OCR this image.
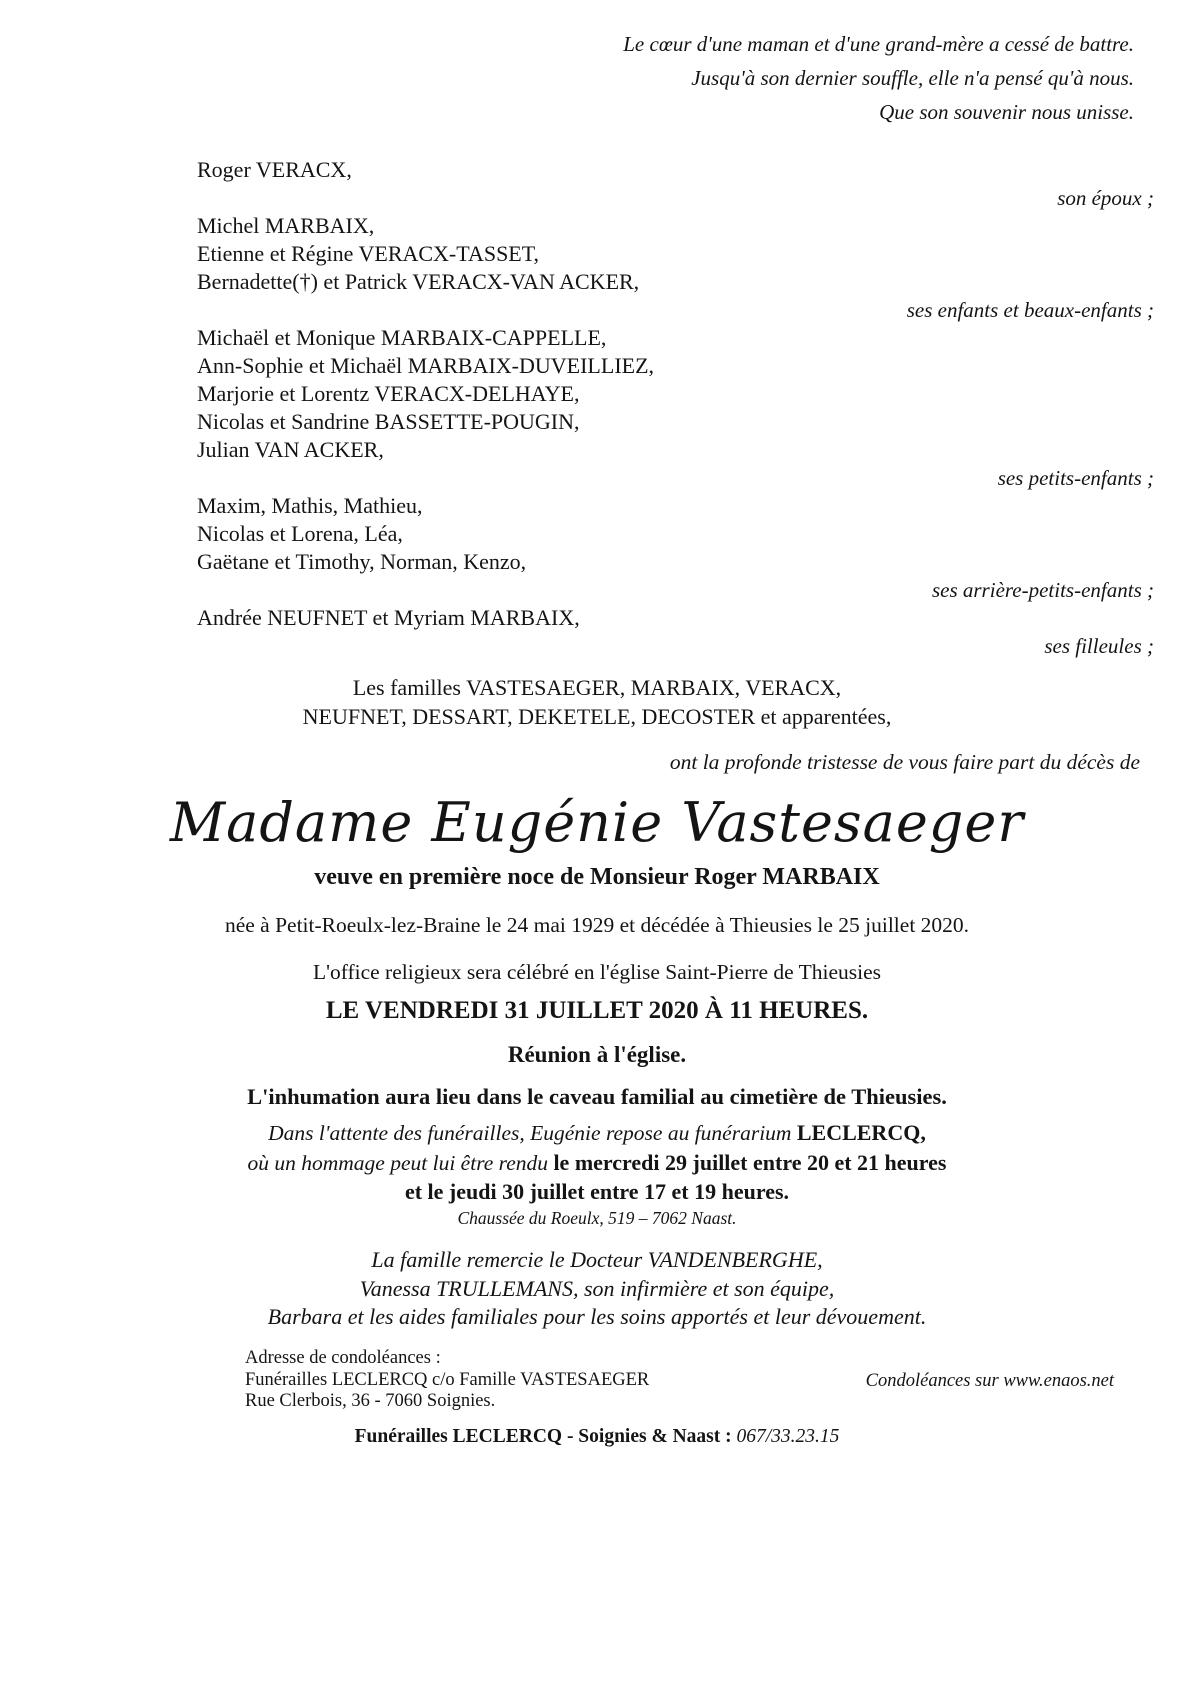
Le cœur d'une maman et d'une grand-mère a cessé de battre.
Jusqu'à son dernier souffle, elle n'a pensé qu'à nous.
Que son souvenir nous unisse.
Roger VERACX,
son époux ;
Michel MARBAIX,
Etienne et Régine VERACX-TASSET,
Bernadette(†) et Patrick VERACX-VAN ACKER,
ses enfants et beaux-enfants ;
Michaël et Monique MARBAIX-CAPPELLE,
Ann-Sophie et Michaël MARBAIX-DUVEILLIEZ,
Marjorie et Lorentz VERACX-DELHAYE,
Nicolas et Sandrine BASSETTE-POUGIN,
Julian VAN ACKER,
ses petits-enfants ;
Maxim, Mathis, Mathieu,
Nicolas et Lorena, Léa,
Gaëtane et Timothy, Norman, Kenzo,
ses arrière-petits-enfants ;
Andrée NEUFNET et Myriam MARBAIX,
ses filleules ;
Les familles VASTESAEGER, MARBAIX, VERACX,
NEUFNET, DESSART, DEKETELE, DECOSTER et apparentées,
ont la profonde tristesse de vous faire part du décès de
Madame Eugénie Vastesaeger
veuve en première noce de Monsieur Roger MARBAIX
née à Petit-Roeulx-lez-Braine le 24 mai 1929 et décédée à Thieusies le 25 juillet 2020.
L'office religieux sera célébré en l'église Saint-Pierre de Thieusies
LE VENDREDI 31 JUILLET 2020 À 11 HEURES.
Réunion à l'église.
L'inhumation aura lieu dans le caveau familial au cimetière de Thieusies.
Dans l'attente des funérailles, Eugénie repose au funérarium LECLERCQ,
où un hommage peut lui être rendu le mercredi 29 juillet entre 20 et 21 heures
et le jeudi 30 juillet entre 17 et 19 heures.
Chaussée du Roeulx, 519 – 7062 Naast.
La famille remercie le Docteur VANDENBERGHE,
Vanessa TRULLEMANS, son infirmière et son équipe,
Barbara et les aides familiales pour les soins apportés et leur dévouement.
Adresse de condoléances :
Funérailles LECLERCQ c/o Famille VASTESAEGER
Rue Clerbois, 36 - 7060 Soignies.
Condoléances sur www.enaos.net
Funérailles LECLERCQ - Soignies & Naast : 067/33.23.15
